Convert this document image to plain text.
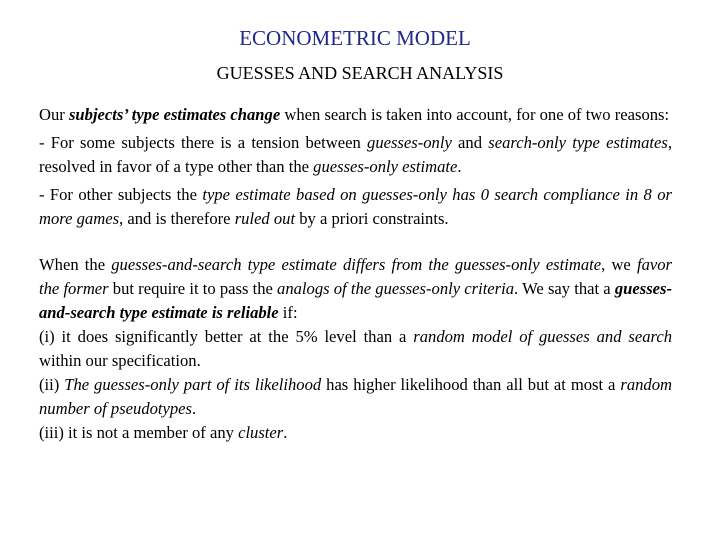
ECONOMETRIC MODEL
GUESSES AND SEARCH ANALYSIS

Our subjects’ type estimates change when search is taken into account, for one of two reasons:

- For some subjects there is a tension between guesses-only and search-only type estimates, resolved in favor of a type other than the guesses-only estimate.

- For other subjects the type estimate based on guesses-only has 0 search compliance in 8 or more games, and is therefore ruled out by a priori constraints.

When the guesses-and-search type estimate differs from the guesses-only estimate, we favor the former but require it to pass the analogs of the guesses-only criteria. We say that a guesses-and-search type estimate is reliable if:

(i) it does significantly better at the 5% level than a random model of guesses and search within our specification.

(ii) The guesses-only part of its likelihood has higher likelihood than all but at most a random number of pseudotypes.

(iii) it is not a member of any cluster.
